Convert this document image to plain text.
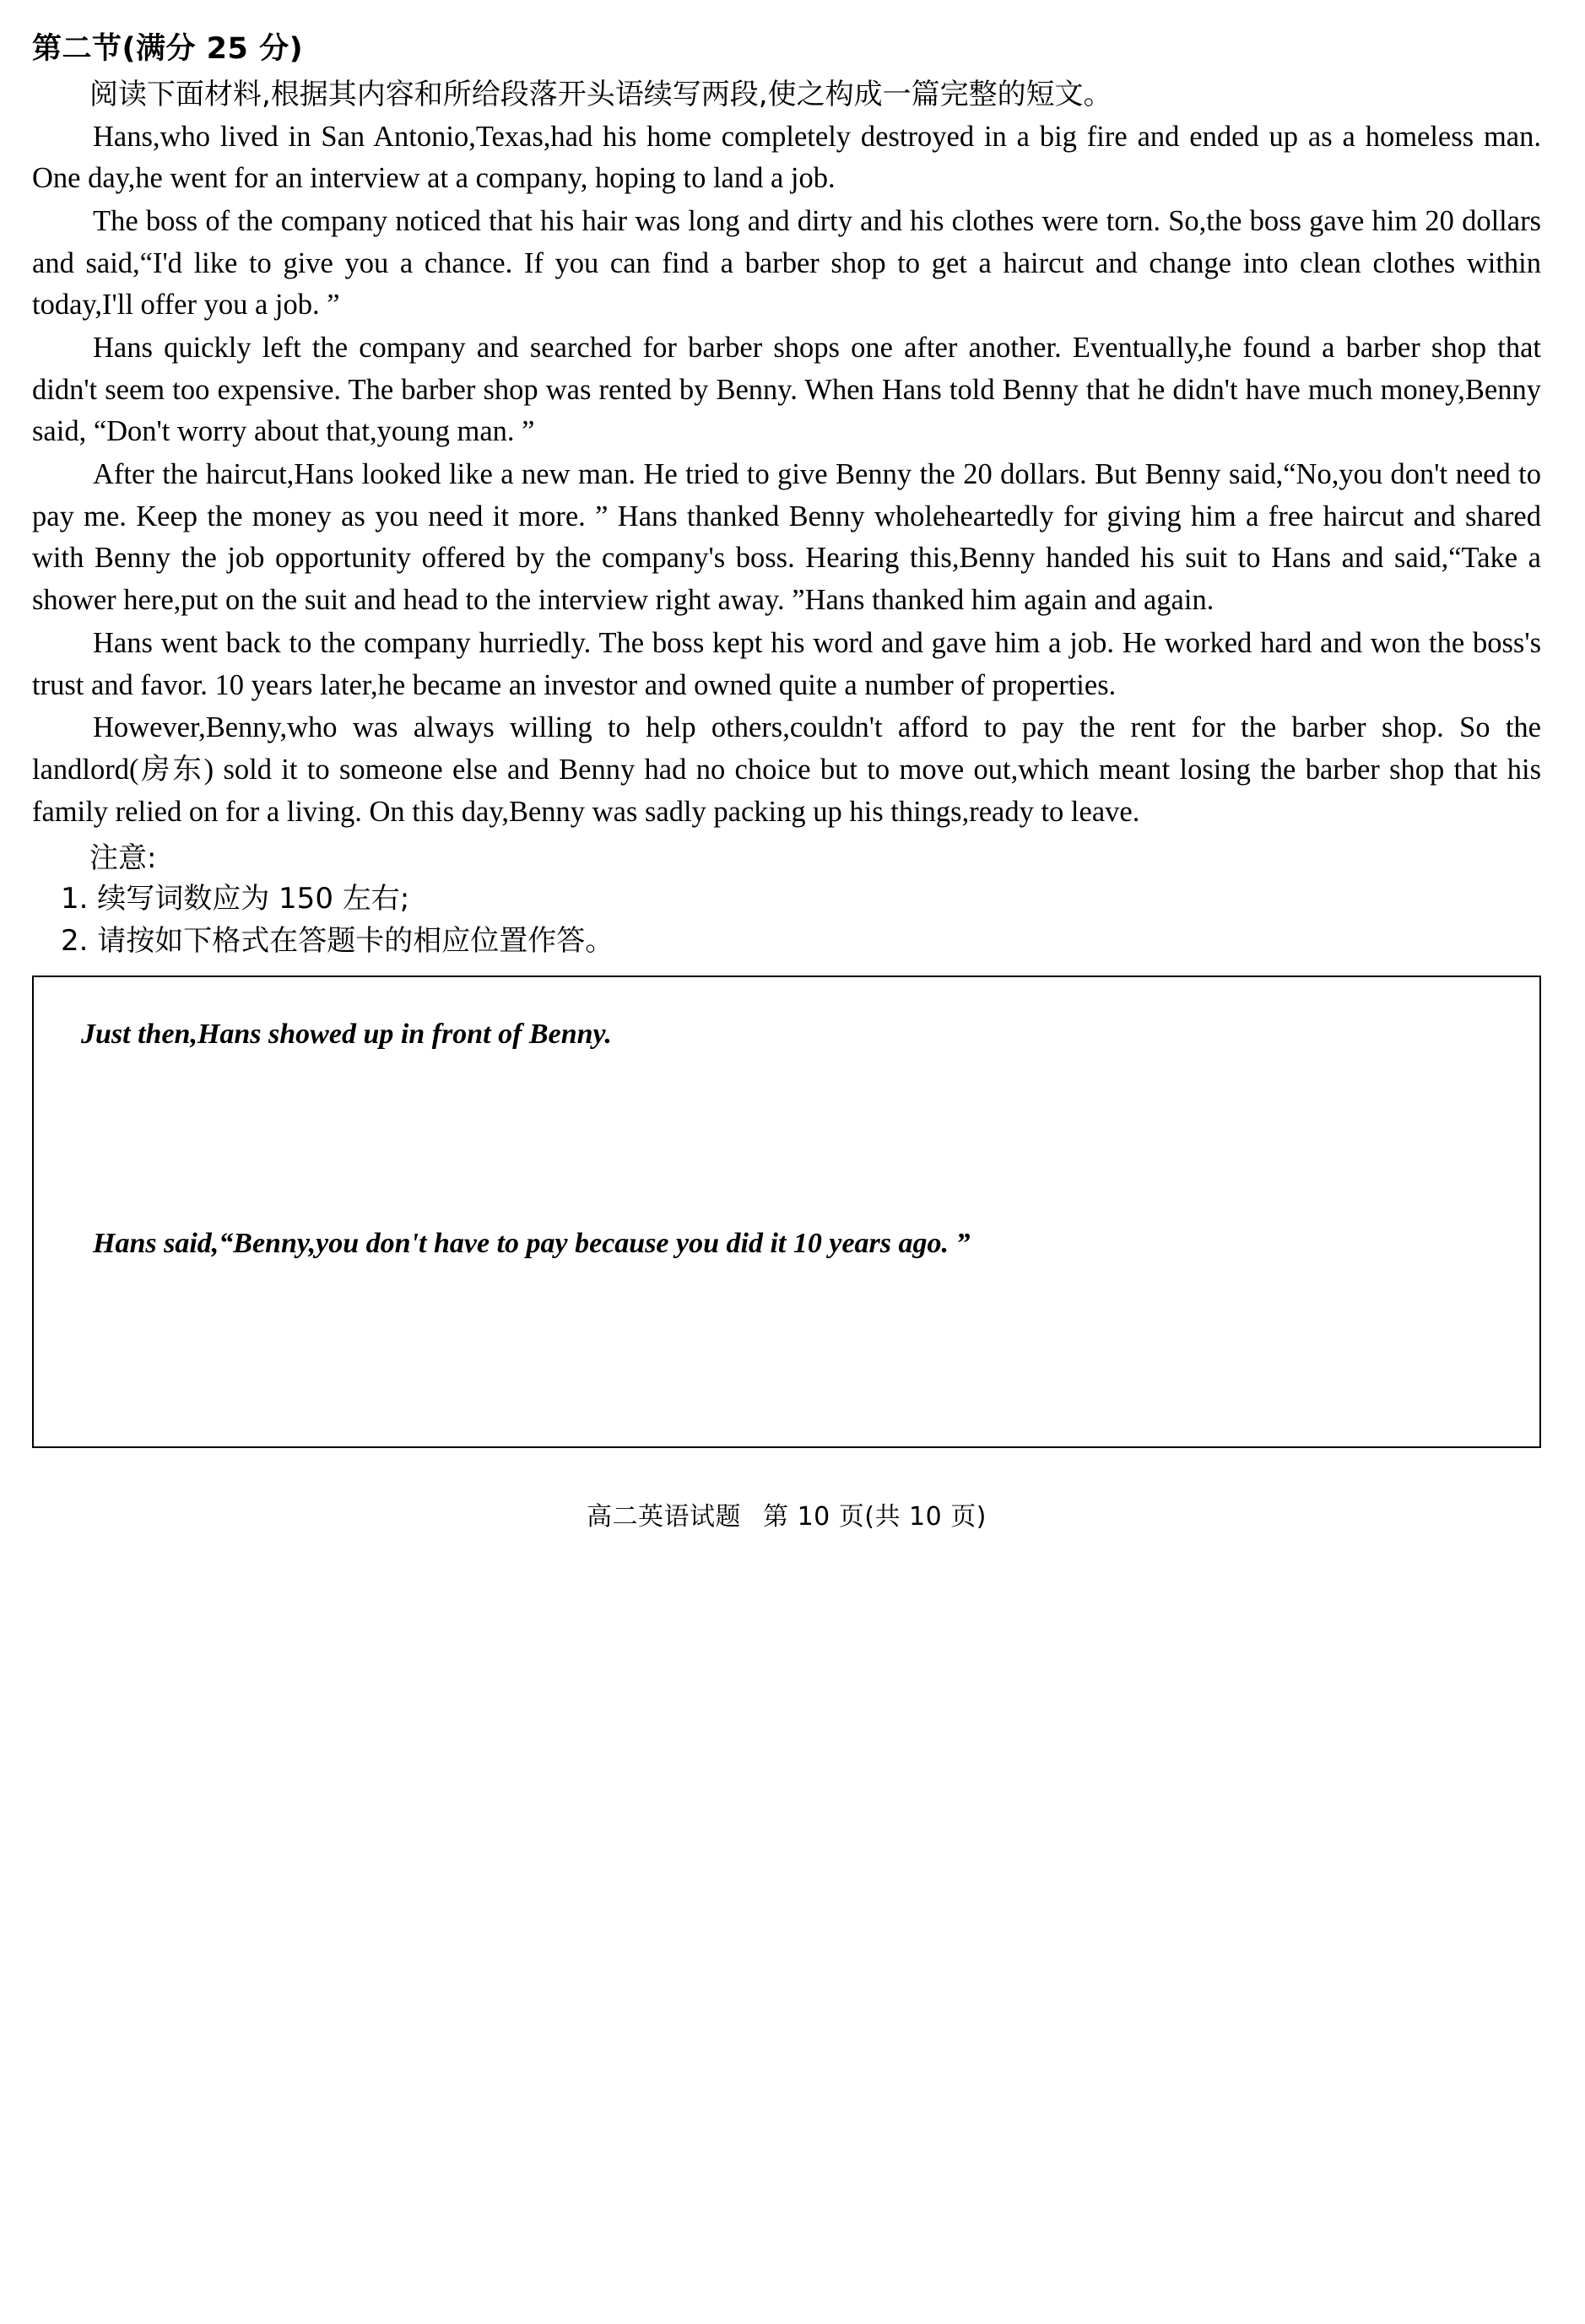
第二节(满分 25 分)

阅读下面材料,根据其内容和所给段落开头语续写两段,使之构成一篇完整的短文。

Hans,who lived in San Antonio,Texas,had his home completely destroyed in a big fire and ended up as a homeless man. One day,he went for an interview at a company, hoping to land a job.

The boss of the company noticed that his hair was long and dirty and his clothes were torn. So,the boss gave him 20 dollars and said,“I'd like to give you a chance. If you can find a barber shop to get a haircut and change into clean clothes within today,I'll offer you a job. ”

Hans quickly left the company and searched for barber shops one after another. Eventually,he found a barber shop that didn't seem too expensive. The barber shop was rented by Benny. When Hans told Benny that he didn't have much money,Benny said, “Don't worry about that,young man. ”

After the haircut,Hans looked like a new man. He tried to give Benny the 20 dollars. But Benny said,“No,you don't need to pay me. Keep the money as you need it more. ” Hans thanked Benny wholeheartedly for giving him a free haircut and shared with Benny the job opportunity offered by the company's boss. Hearing this,Benny handed his suit to Hans and said,“Take a shower here,put on the suit and head to the interview right away. ”Hans thanked him again and again.

Hans went back to the company hurriedly. The boss kept his word and gave him a job. He worked hard and won the boss's trust and favor. 10 years later,he became an investor and owned quite a number of properties.

However,Benny,who was always willing to help others,couldn't afford to pay the rent for the barber shop. So the landlord(房东) sold it to someone else and Benny had no choice but to move out,which meant losing the barber shop that his family relied on for a living. On this day,Benny was sadly packing up his things,ready to leave.

注意:

1. 续写词数应为 150 左右;

2. 请按如下格式在答题卡的相应位置作答。

Just then,Hans showed up in front of Benny.

Hans said,“Benny,you don't have to pay because you did it 10 years ago. ”

高二英语试题 第 10 页(共 10 页)
